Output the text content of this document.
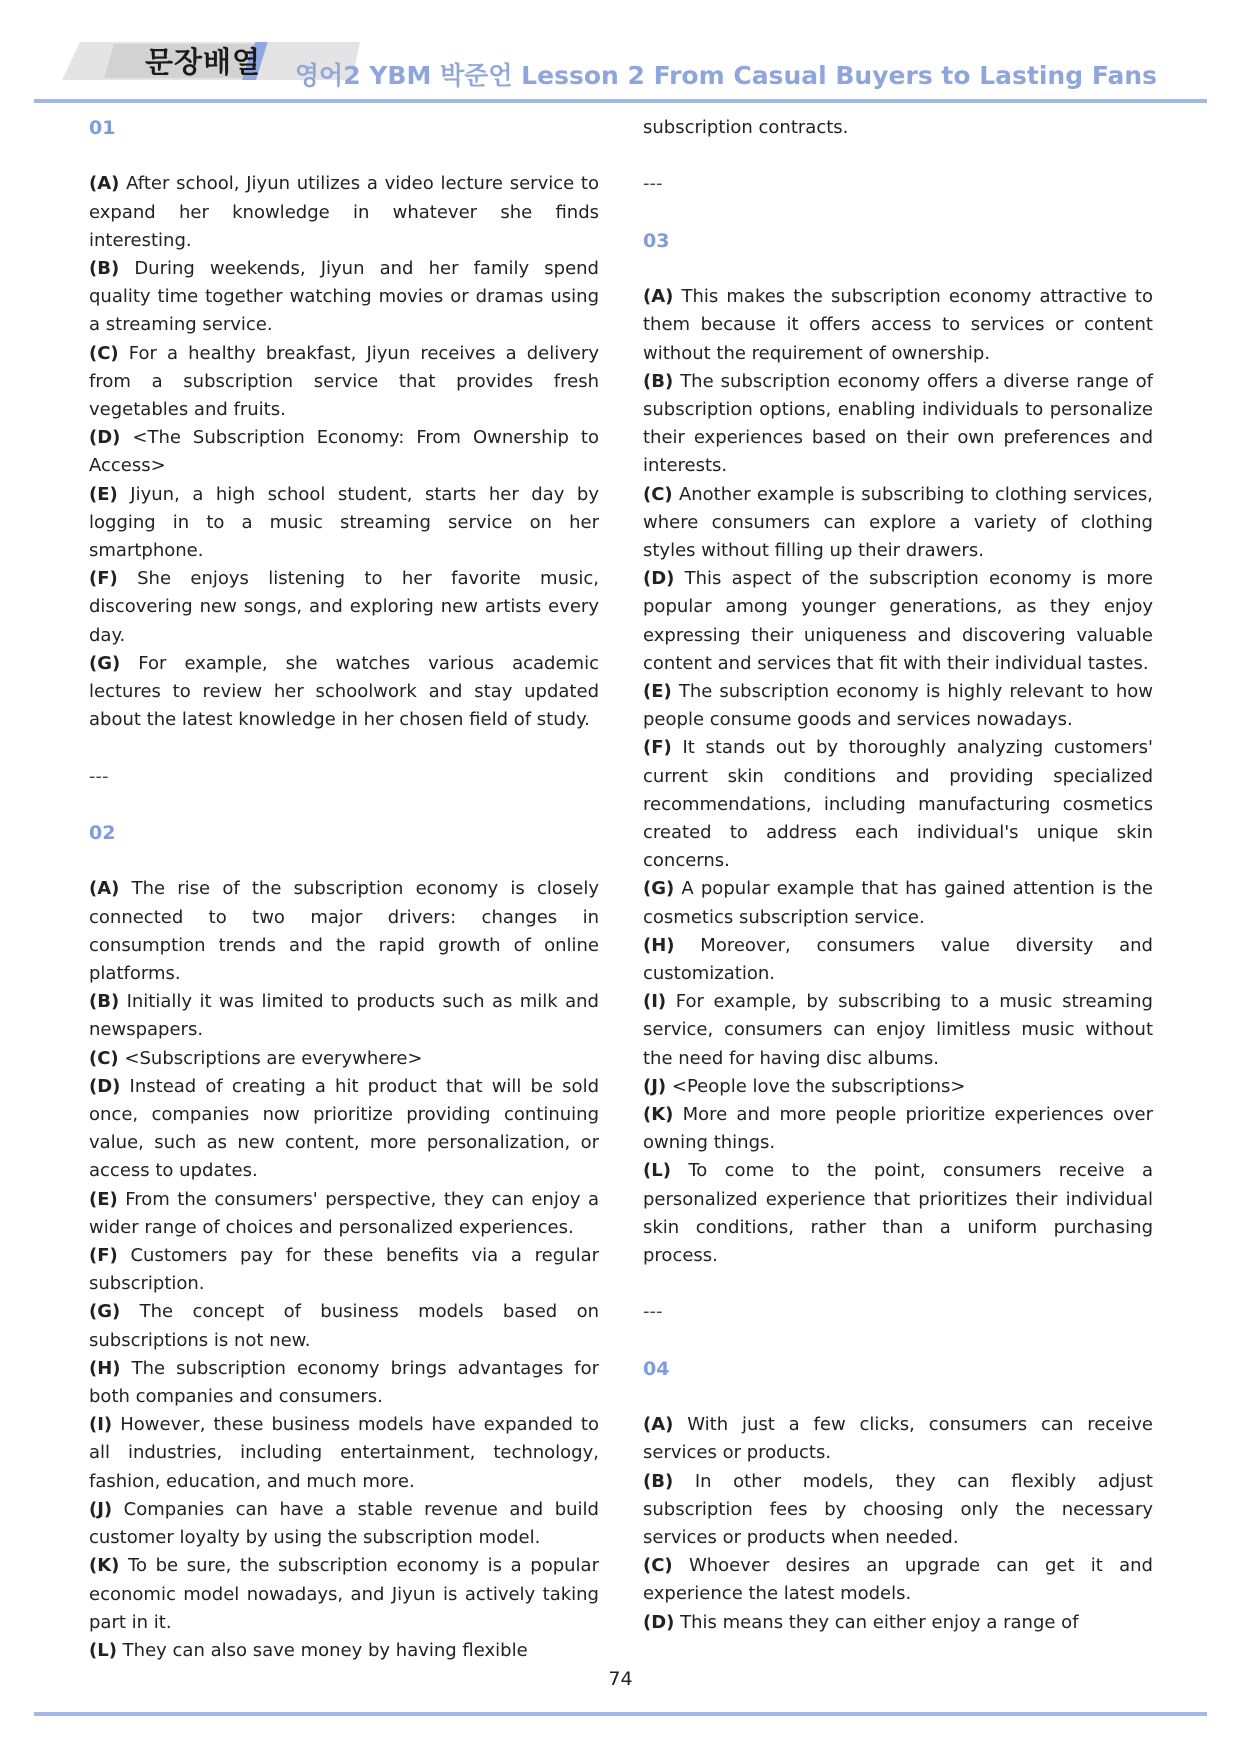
문장배열	영어2 YBM 박준언 Lesson 2 From Casual Buyers to Lasting Fans
01
(A) After school, Jiyun utilizes a video lecture service to expand her knowledge in whatever she finds interesting.
(B) During weekends, Jiyun and her family spend quality time together watching movies or dramas using a streaming service.
(C) For a healthy breakfast, Jiyun receives a delivery from a subscription service that provides fresh vegetables and fruits.
(D) <The Subscription Economy: From Ownership to Access>
(E) Jiyun, a high school student, starts her day by logging in to a music streaming service on her smartphone.
(F) She enjoys listening to her favorite music, discovering new songs, and exploring new artists every day.
(G) For example, she watches various academic lectures to review her schoolwork and stay updated about the latest knowledge in her chosen field of study.
---
02
(A) The rise of the subscription economy is closely connected to two major drivers: changes in consumption trends and the rapid growth of online platforms.
(B) Initially it was limited to products such as milk and newspapers.
(C) <Subscriptions are everywhere>
(D) Instead of creating a hit product that will be sold once, companies now prioritize providing continuing value, such as new content, more personalization, or access to updates.
(E) From the consumers' perspective, they can enjoy a wider range of choices and personalized experiences.
(F) Customers pay for these benefits via a regular subscription.
(G) The concept of business models based on subscriptions is not new.
(H) The subscription economy brings advantages for both companies and consumers.
(I) However, these business models have expanded to all industries, including entertainment, technology, fashion, education, and much more.
(J) Companies can have a stable revenue and build customer loyalty by using the subscription model.
(K) To be sure, the subscription economy is a popular economic model nowadays, and Jiyun is actively taking part in it.
(L) They can also save money by having flexible
subscription contracts.
---
03
(A) This makes the subscription economy attractive to them because it offers access to services or content without the requirement of ownership.
(B) The subscription economy offers a diverse range of subscription options, enabling individuals to personalize their experiences based on their own preferences and interests.
(C) Another example is subscribing to clothing services, where consumers can explore a variety of clothing styles without filling up their drawers.
(D) This aspect of the subscription economy is more popular among younger generations, as they enjoy expressing their uniqueness and discovering valuable content and services that fit with their individual tastes.
(E) The subscription economy is highly relevant to how people consume goods and services nowadays.
(F) It stands out by thoroughly analyzing customers' current skin conditions and providing specialized recommendations, including manufacturing cosmetics created to address each individual's unique skin concerns.
(G) A popular example that has gained attention is the cosmetics subscription service.
(H) Moreover, consumers value diversity and customization.
(I) For example, by subscribing to a music streaming service, consumers can enjoy limitless music without the need for having disc albums.
(J) <People love the subscriptions>
(K) More and more people prioritize experiences over owning things.
(L) To come to the point, consumers receive a personalized experience that prioritizes their individual skin conditions, rather than a uniform purchasing process.
---
04
(A) With just a few clicks, consumers can receive services or products.
(B) In other models, they can flexibly adjust subscription fees by choosing only the necessary services or products when needed.
(C) Whoever desires an upgrade can get it and experience the latest models.
(D) This means they can either enjoy a range of
74
